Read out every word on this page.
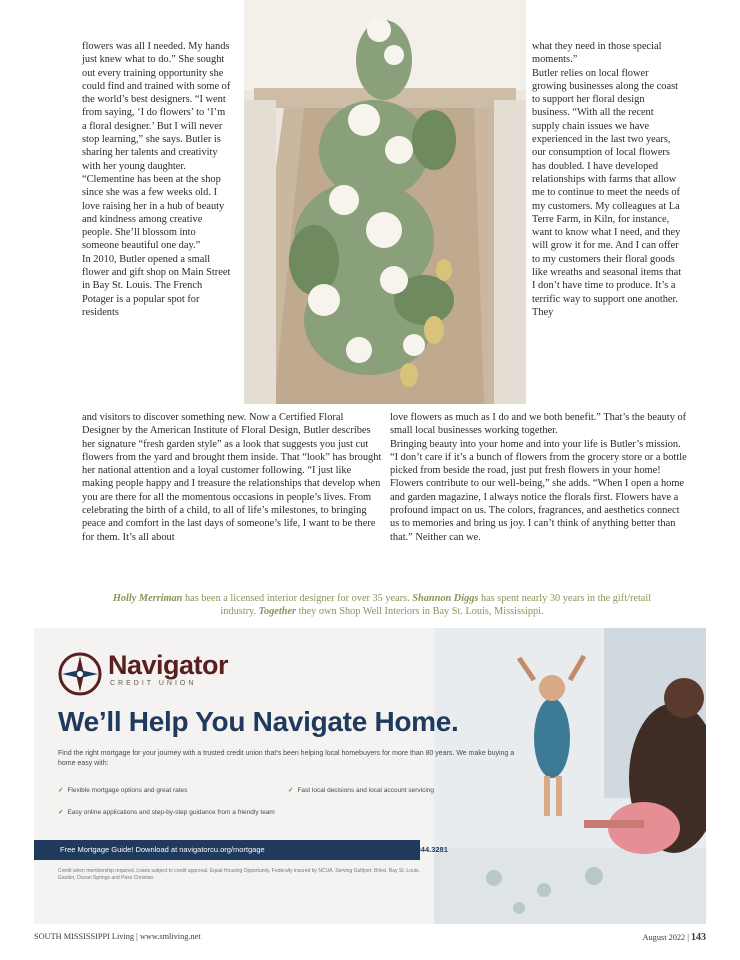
flowers was all I needed. My hands just knew what to do.” She sought out every training opportunity she could find and trained with some of the world’s best designers. “I went from saying, ‘I do flowers’ to ‘I’m a floral designer.’ But I will never stop learning,” she says. Butler is sharing her talents and creativity with her young daughter. “Clementine has been at the shop since she was a few weeks old. I love raising her in a hub of beauty and kindness among creative people. She’ll blossom into someone beautiful one day.”
In 2010, Butler opened a small flower and gift shop on Main Street in Bay St. Louis. The French Potager is a popular spot for residents

what they need in those special moments.”
Butler relies on local flower growing businesses along the coast to support her floral design business. “With all the recent supply chain issues we have experienced in the last two years, our consumption of local flowers has doubled. I have developed relationships with farms that allow me to continue to meet the needs of my customers. My colleagues at La Terre Farm, in Kiln, for instance, want to know what I need, and they will grow it for me. And I can offer to my customers their floral goods like wreaths and seasonal items that I don’t have time to produce. It’s a terrific way to support one another. They

and visitors to discover something new. Now a Certified Floral Designer by the American Institute of Floral Design, Butler describes her signature “fresh garden style” as a look that suggests you just cut flowers from the yard and brought them inside. That “look” has brought her national attention and a loyal customer following. “I just like making people happy and I treasure the relationships that develop when you are there for all the momentous occasions in people’s lives. From celebrating the birth of a child, to all of life’s milestones, to bringing peace and comfort in the last days of someone’s life, I want to be there for them. It’s all about

love flowers as much as I do and we both benefit.” That’s the beauty of small local businesses working together.
Bringing beauty into your home and into your life is Butler’s mission. “I don’t care if it’s a bunch of flowers from the grocery store or a bottle picked from beside the road, just put fresh flowers in your home! Flowers contribute to our well-being,” she adds. “When I open a home and garden magazine, I always notice the florals first. Flowers have a profound impact on us. The colors, fragrances, and aesthetics connect us to memories and bring us joy. I can’t think of anything better than that.” Neither can we.

Holly Merriman has been a licensed interior designer for over 35 years. Shannon Diggs has spent nearly 30 years in the gift/retail industry. Together they own Shop Well Interiors in Bay St. Louis, Mississippi.
Navigator
CREDIT UNION
We’ll Help You Navigate Home.
Find the right mortgage for your journey with a trusted credit union that’s been helping local homebuyers for more than 80 years. We make buying a home easy with:
✓ Flexible mortgage options and great rates	✓ Fast local decisions and local account servicing
✓ Easy online applications and step-by-step guidance from a friendly team
Free Mortgage Guide! Download at navigatorcu.org/mortgage	800.344.3281
Credit union membership required. Loans subject to credit approval. Equal Housing Opportunity. Federally insured by NCUA. Serving Gulfport, Biloxi, Bay St. Louis, Gautier, Ocean Springs and Pass Christian.
SOUTH MISSISSIPPI Living | www.smliving.net	August 2022 | 143
